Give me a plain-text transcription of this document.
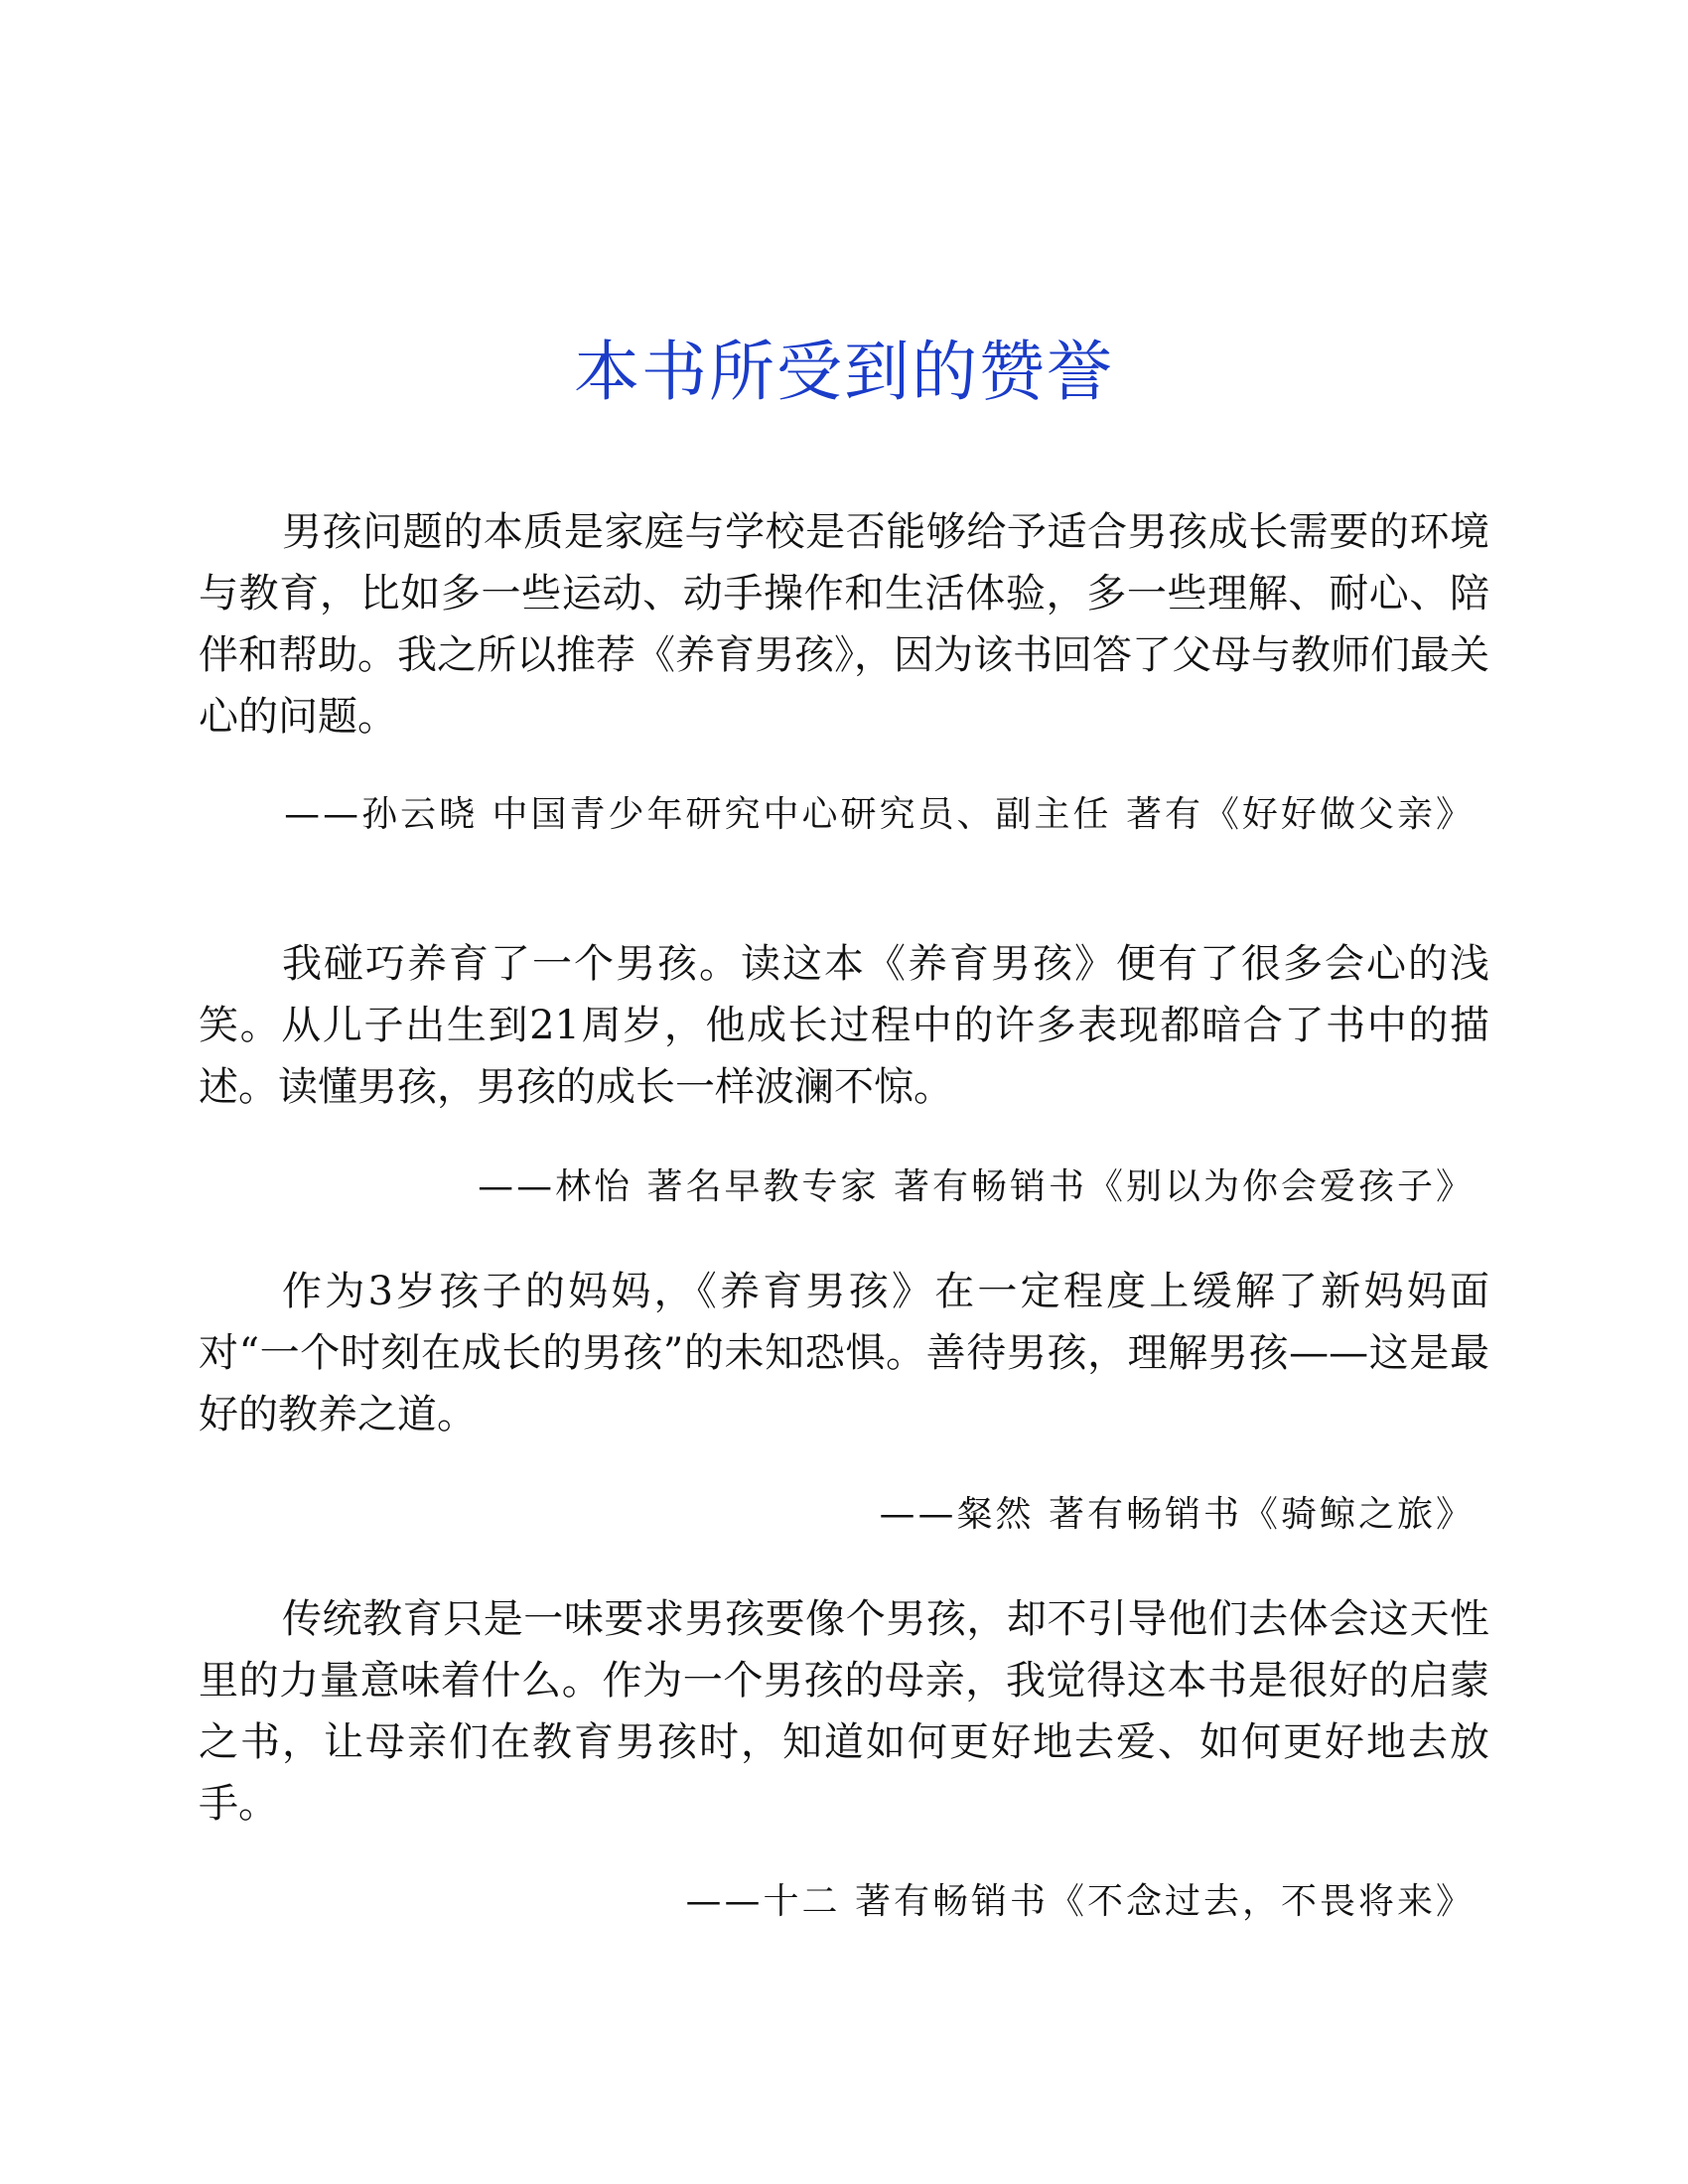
本书所受到的赞誉

男孩问题的本质是家庭与学校是否能够给予适合男孩成长需要的环境与教育，比如多一些运动、动手操作和生活体验，多一些理解、耐心、陪伴和帮助。我之所以推荐《养育男孩》，因为该书回答了父母与教师们最关心的问题。

——孙云晓 中国青少年研究中心研究员、副主任 著有《好好做父亲》

我碰巧养育了一个男孩。读这本《养育男孩》便有了很多会心的浅笑。从儿子出生到21周岁，他成长过程中的许多表现都暗合了书中的描述。读懂男孩，男孩的成长一样波澜不惊。

——林怡 著名早教专家 著有畅销书《别以为你会爱孩子》

作为3岁孩子的妈妈，《养育男孩》在一定程度上缓解了新妈妈面对“一个时刻在成长的男孩”的未知恐惧。善待男孩，理解男孩——这是最好的教养之道。

——粲然 著有畅销书《骑鲸之旅》

传统教育只是一味要求男孩要像个男孩，却不引导他们去体会这天性里的力量意味着什么。作为一个男孩的母亲，我觉得这本书是很好的启蒙之书，让母亲们在教育男孩时，知道如何更好地去爱、如何更好地去放手。

——十二 著有畅销书《不念过去，不畏将来》
